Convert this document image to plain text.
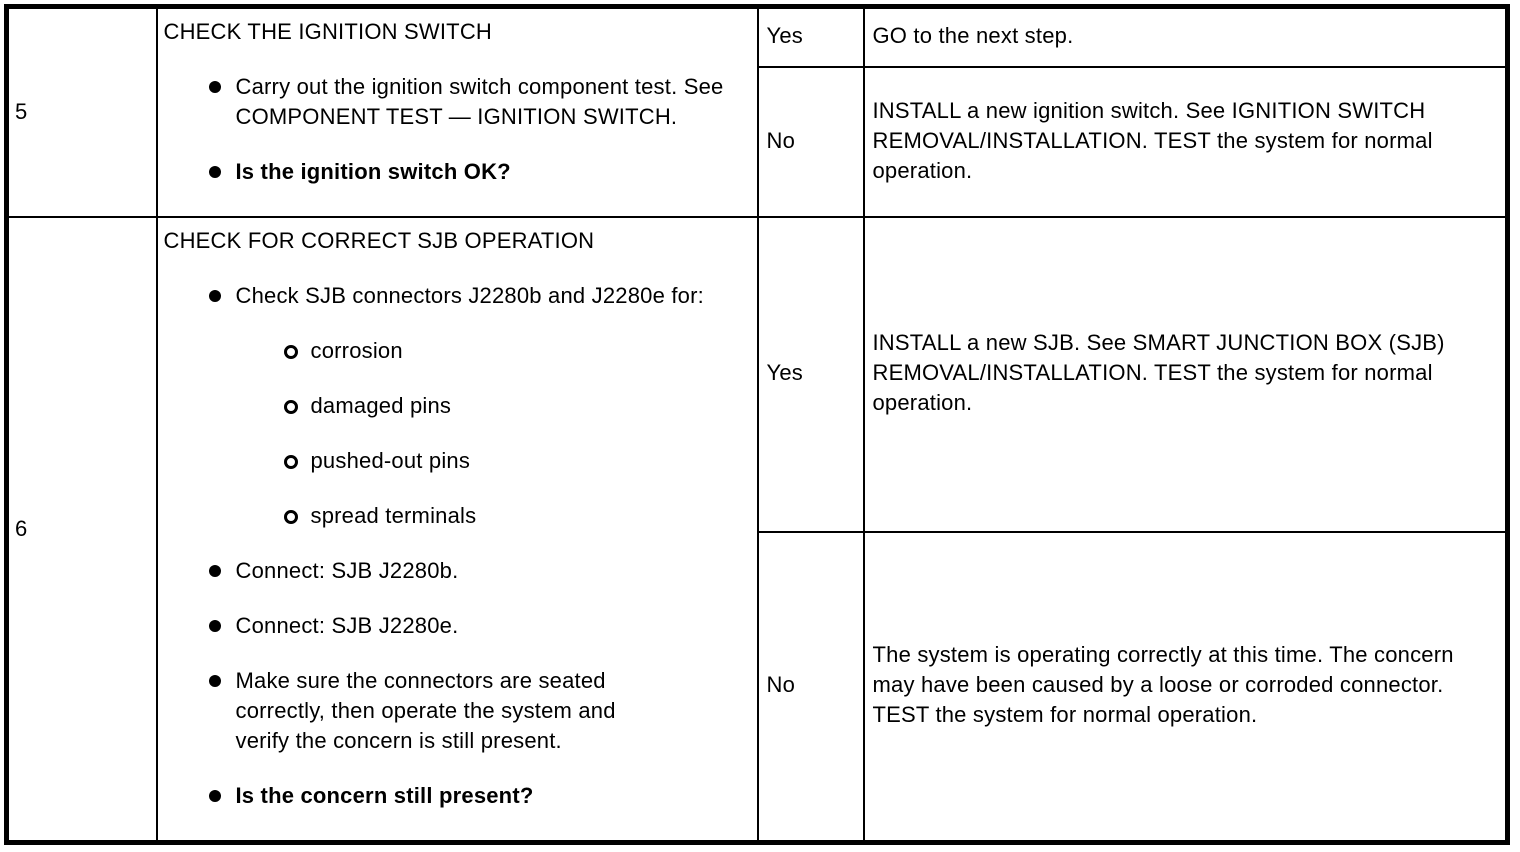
5	
CHECK THE IGNITION SWITCH
Carry out the ignition switch component test. See COMPONENT TEST — IGNITION SWITCH.
Is the ignition switch OK?
	Yes	GO to the next step.
		No	INSTALL a new ignition switch. See IGNITION SWITCH REMOVAL/INSTALLATION. TEST the system for normal operation.
6	
CHECK FOR CORRECT SJB OPERATION
Check SJB connectors J2280b and J2280e for:
corrosion
damaged pins
pushed-out pins
spread terminals
Connect: SJB J2280b.
Connect: SJB J2280e.
Make sure the connectors are seated correctly, then operate the system and verify the concern is still present.
Is the concern still present?
	Yes	INSTALL a new SJB. See SMART JUNCTION BOX (SJB) REMOVAL/INSTALLATION. TEST the system for normal operation.
		No	The system is operating correctly at this time. The concern may have been caused by a loose or corroded connector. TEST the system for normal operation.
